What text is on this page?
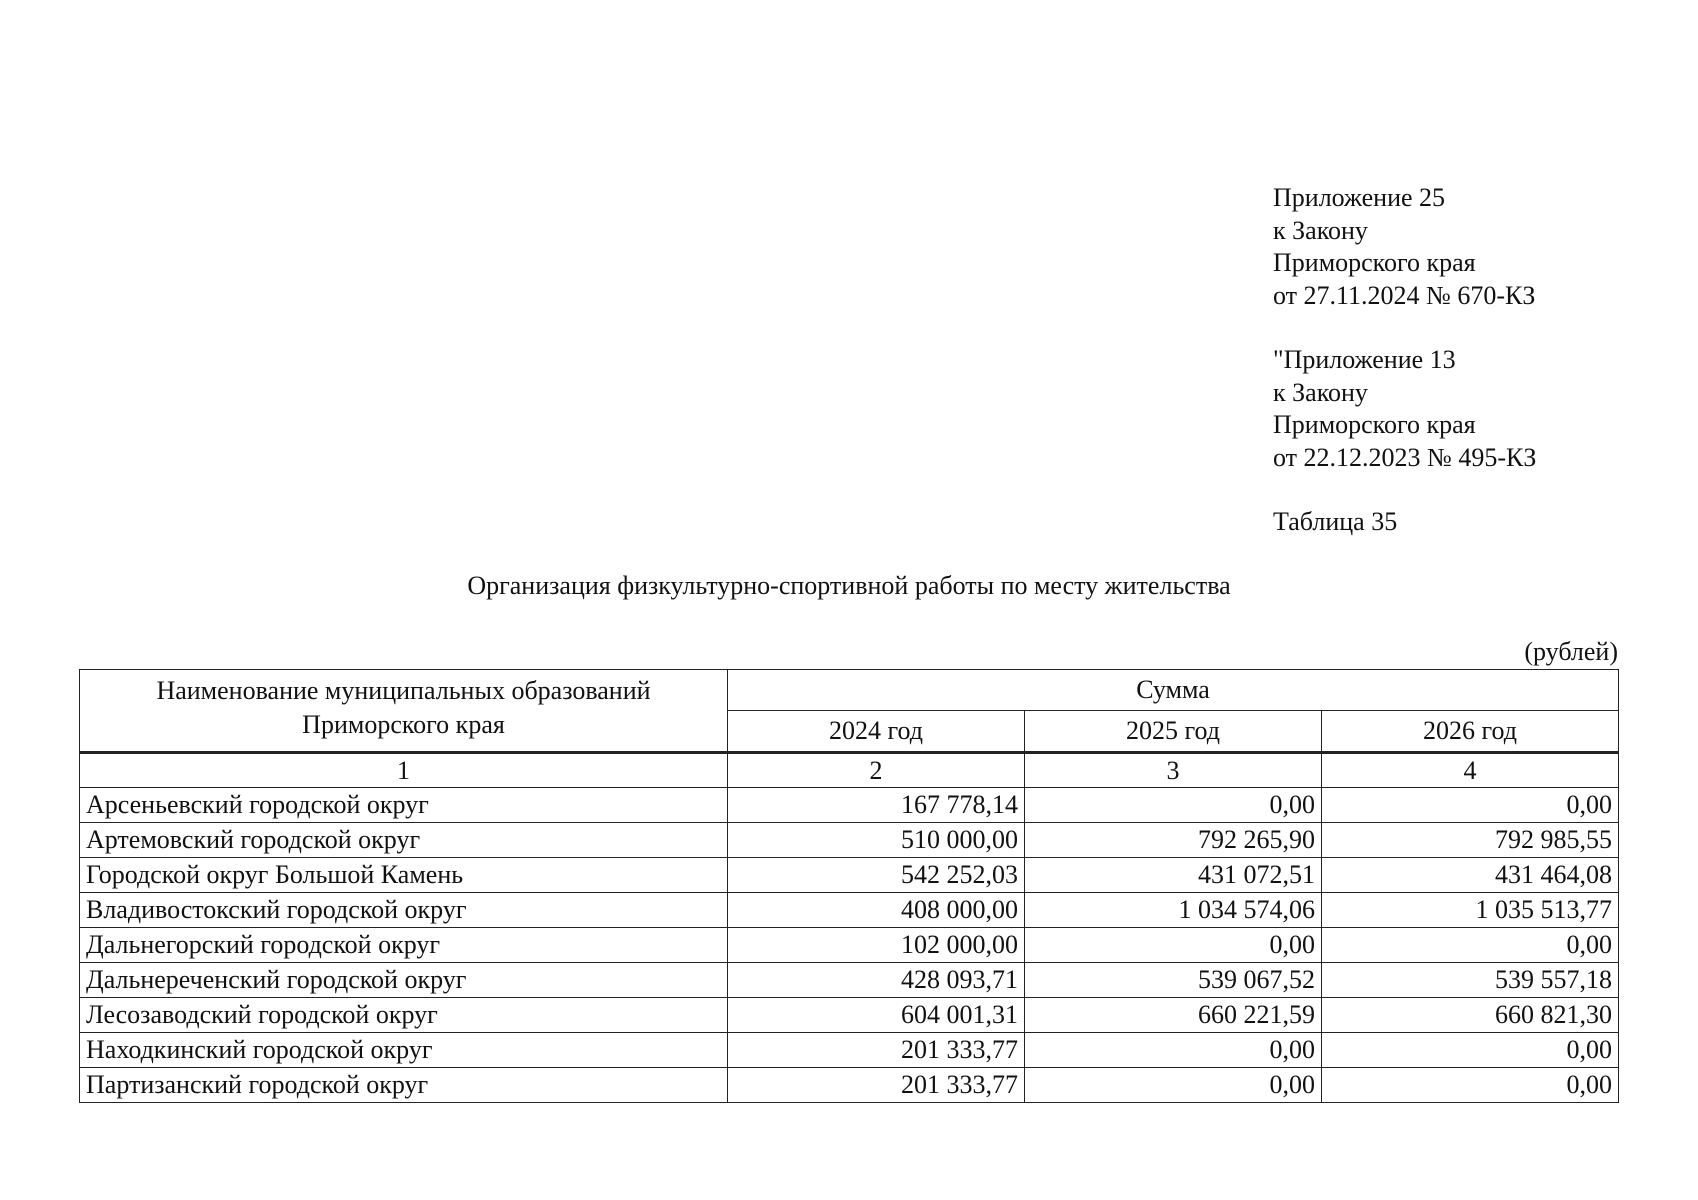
Приложение 25
к Закону
Приморского края
от 27.11.2024 № 670-КЗ
"Приложение 13
к Закону
Приморского края
от 22.12.2023 № 495-КЗ
Таблица 35
Организация физкультурно-спортивной работы по месту жительства
(рублей)
Наименование муниципальных образований
Приморского края	Сумма		
	2024 год	2025 год	2026 год
1	2	3	4
Арсеньевский городской округ	167 778,14	0,00	0,00
Артемовский городской округ	510 000,00	792 265,90	792 985,55
Городской округ Большой Камень	542 252,03	431 072,51	431 464,08
Владивостокский городской округ	408 000,00	1 034 574,06	1 035 513,77
Дальнегорский городской округ	102 000,00	0,00	0,00
Дальнереченский городской округ	428 093,71	539 067,52	539 557,18
Лесозаводский городской округ	604 001,31	660 221,59	660 821,30
Находкинский городской округ	201 333,77	0,00	0,00
Партизанский городской округ	201 333,77	0,00	0,00
